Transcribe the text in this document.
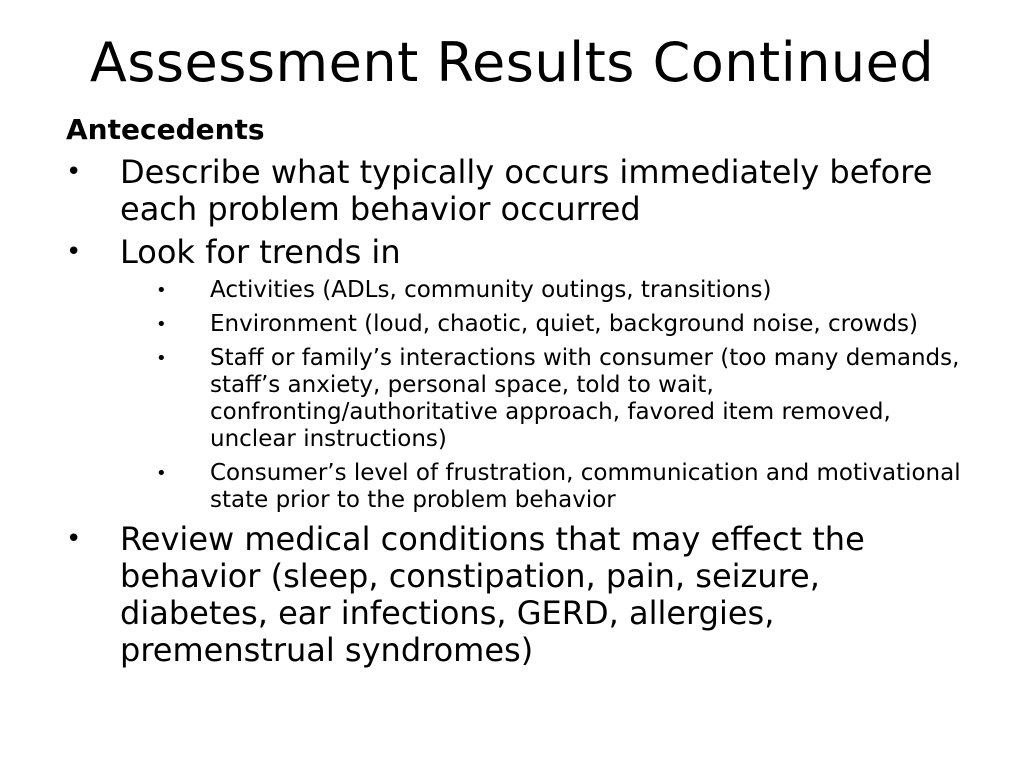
Assessment Results Continued
Antecedents
•	Describe what typically occurs immediately before each problem behavior occurred
•	Look for trends in
• Activities (ADLs, community outings, transitions)
• Environment (loud, chaotic, quiet, background noise, crowds)
• Staff or family’s interactions with consumer (too many demands, staff’s anxiety, personal space, told to wait, confronting/authoritative approach, favored item removed, unclear instructions)
• Consumer’s level of frustration, communication and motivational state prior to the problem behavior
•	Review medical conditions that may effect the behavior (sleep, constipation, pain, seizure, diabetes, ear infections, GERD, allergies, premenstrual syndromes)
